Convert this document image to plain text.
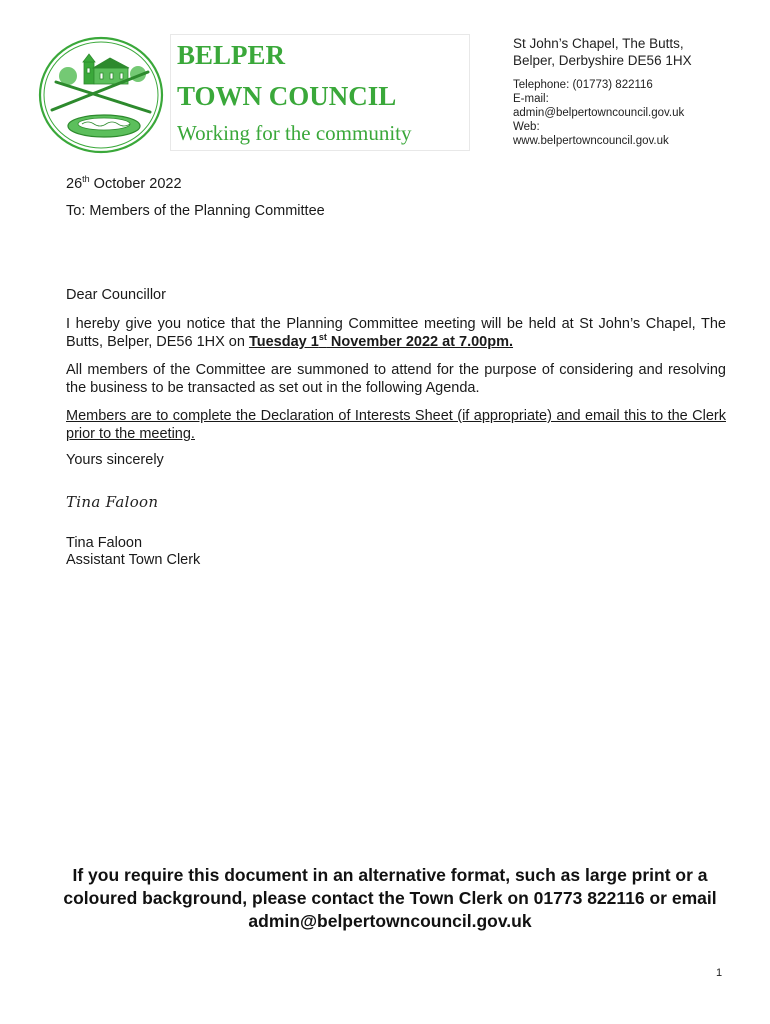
BELPER
TOWN COUNCIL
Working for the community
St John’s Chapel, The Butts,
Belper, Derbyshire DE56 1HX
Telephone: (01773) 822116
E-mail:
admin@belpertowncouncil.gov.uk
Web:
www.belpertowncouncil.gov.uk
26th October 2022
To: Members of the Planning Committee
Dear Councillor
I hereby give you notice that the Planning Committee meeting will be held at St John’s Chapel, The Butts, Belper, DE56 1HX on Tuesday 1st November 2022 at 7.00pm.
All members of the Committee are summoned to attend for the purpose of considering and resolving the business to be transacted as set out in the following Agenda.
Members are to complete the Declaration of Interests Sheet (if appropriate) and email this to the Clerk prior to the meeting.
Yours sincerely
Tina Faloon
Tina Faloon
Assistant Town Clerk
If you require this document in an alternative format, such as large print or a coloured background, please contact the Town Clerk on 01773 822116 or email admin@belpertowncouncil.gov.uk
1
